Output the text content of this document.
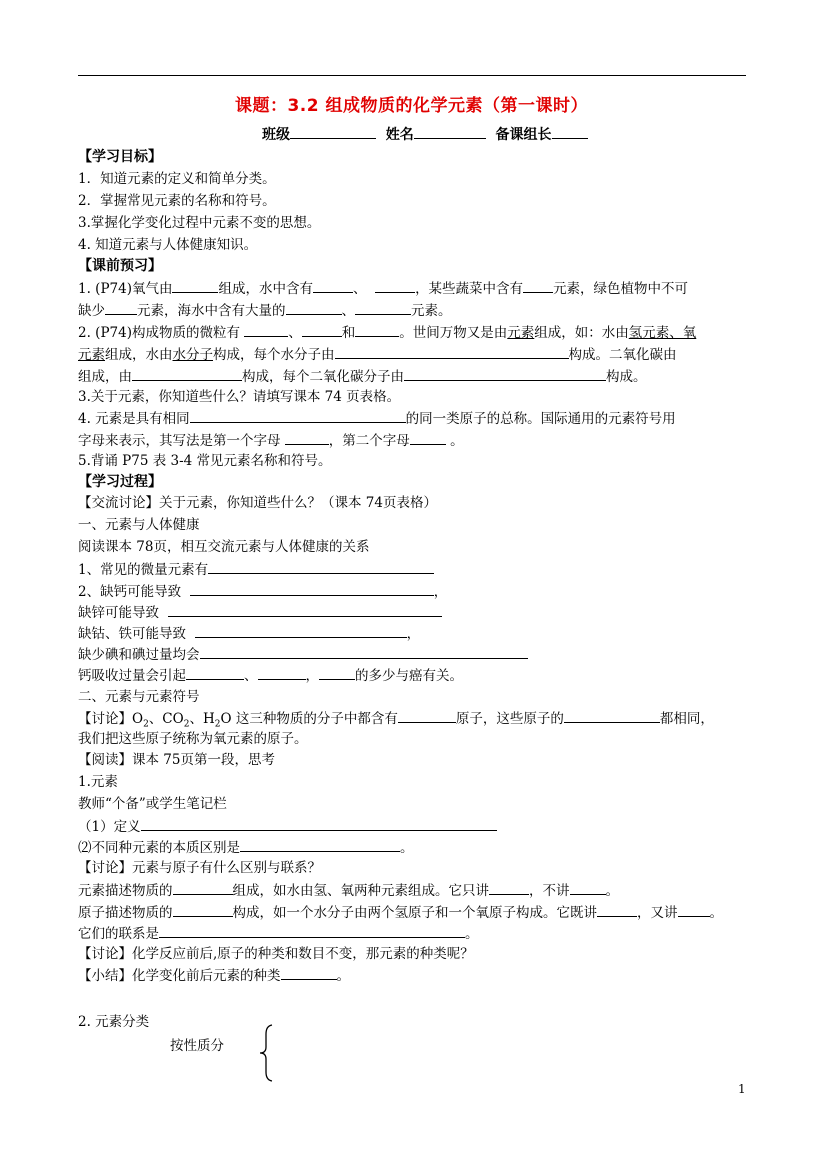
课题：3.2 组成物质的化学元素（第一课时）
班级	姓名	备课组长
【学习目标】
1．知道元素的定义和简单分类。
2．掌握常见元素的名称和符号。
3.掌握化学变化过程中元素不变的思想。
4. 知道元素与人体健康知识。
【课前预习】
1. (P74)氧气由	组成，水中含有	、	，某些蔬菜中含有 元素，绿色植物中不可
缺少 元素，海水中含有大量的	、	元素。
2. (P74)构成物质的微粒有	、	和	。世间万物又是由元素组成，如：水由氢元素、氧
元素组成，水由水分子构成，每个水分子由	构成。二氧化碳由
组成，由	构成，每个二氧化碳分子由	构成。
3.关于元素，你知道些什么？请填写课本 74 页表格。
4. 元素是具有相同	的同一类原子的总称。国际通用的元素符号用
字母来表示，其写法是第一个字母	，第二个字母	。
5.背诵 P75 表 3-4 常见元素名称和符号。
【学习过程】
【交流讨论】关于元素，你知道些什么？（课本 74页表格）
一、元素与人体健康
阅读课本 78页，相互交流元素与人体健康的关系
1、常见的微量元素有
2、缺钙可能导致	，
缺锌可能导致
缺钴、铁可能导致	，
缺少碘和碘过量均会
钙吸收过量会引起	、	，	的多少与癌有关。
二、元素与元素符号
【讨论】$O_2$、$CO_2$、$H_2O$ 这三种物质的分子中都含有	原子，这些原子的	都相同，
我们把这些原子统称为氧元素的原子。
【阅读】课本 75页第一段，思考
1.元素
教师“个备”或学生笔记栏
（1）定义
⑵不同种元素的本质区别是	。
【讨论】元素与原子有什么区别与联系？
元素描述物质的	组成，如水由氢、氧两种元素组成。它只讲	，不讲	。
原子描述物质的	构成，如一个水分子由两个氢原子和一个氧原子构成。它既讲	，又讲 。
它们的联系是	。
【讨论】化学反应前后,原子的种类和数目不变，那元素的种类呢？
【小结】化学变化前后元素的种类	。
2. 元素分类
按性质分
1
